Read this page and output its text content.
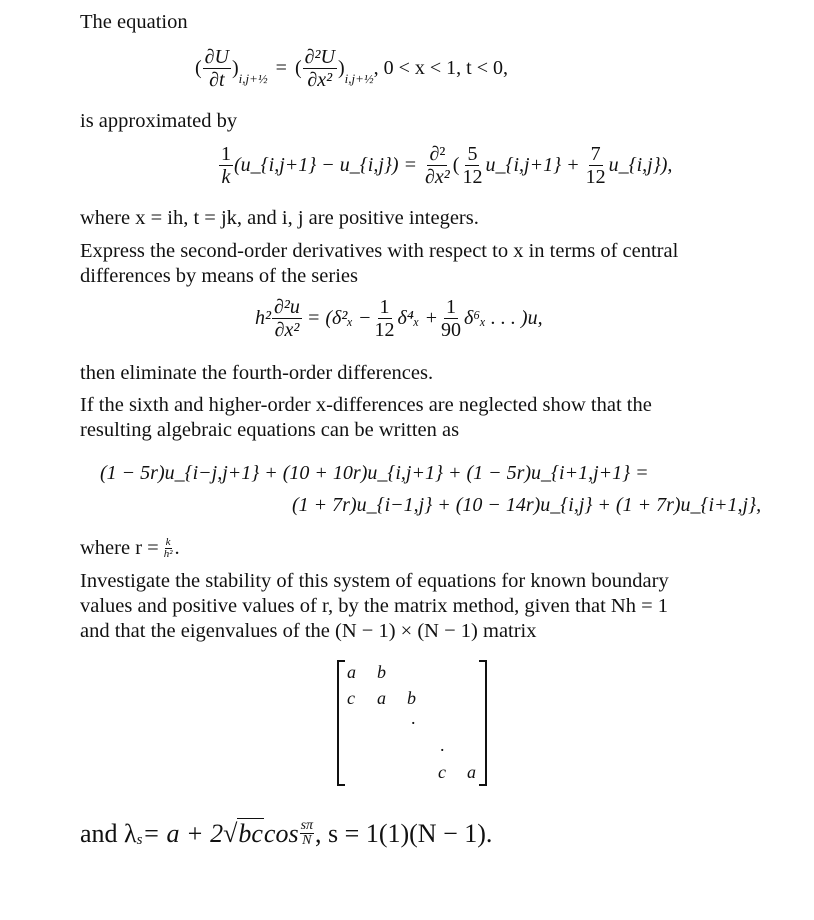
The equation
( $\frac{\partial U}{\partial t}$ ) i,j+½ = ( $\frac{\text{∂²U}}{\text{∂x²}}$ ) i,j+½ , 0 < x < 1, t < 0,
is approximated by
$\frac{1}{k}$ (u_{i,j+1} − u_{i,j}) = $\frac{\text{∂²}}{\text{∂x²}}$ ( $\frac{5}{12}$ u_{i,j+1} + $\frac{7}{12}$ u_{i,j}),
where x = ih, t = jk, and i, j are positive integers.
Express the second-order derivatives with respect to x in terms of central
differences by means of the series
$h^2 \frac{\text{∂²u}}{\text{∂x²}} = (\delta^2_x - \frac{1}{12} \delta^4_x + \frac{1}{90} \delta^6_x$ . . . )u,
then eliminate the fourth-order differences.
If the sixth and higher-order x-differences are neglected show that the
resulting algebraic equations can be written as
(1 − 5r)u_{i−j,j+1} + (10 + 10r)u_{i,j+1} + (1 − 5r)u_{i+1,j+1} =
(1 + 7r)u_{i−1,j} + (10 − 14r)u_{i,j} + (1 + 7r)u_{i+1,j},
where $r = \frac{k}{\text{h²}}$ .
Investigate the stability of this system of equations for known boundary
values and positive values of r, by the matrix method, given that Nh = 1
and that the eigenvalues of the (N − 1) × (N − 1) matrix
a b
c a b
.
.
c a
and λ s = a + 2√ bc $\cos \frac{s\pi}{N}$ , s = 1(1)(N − 1).
